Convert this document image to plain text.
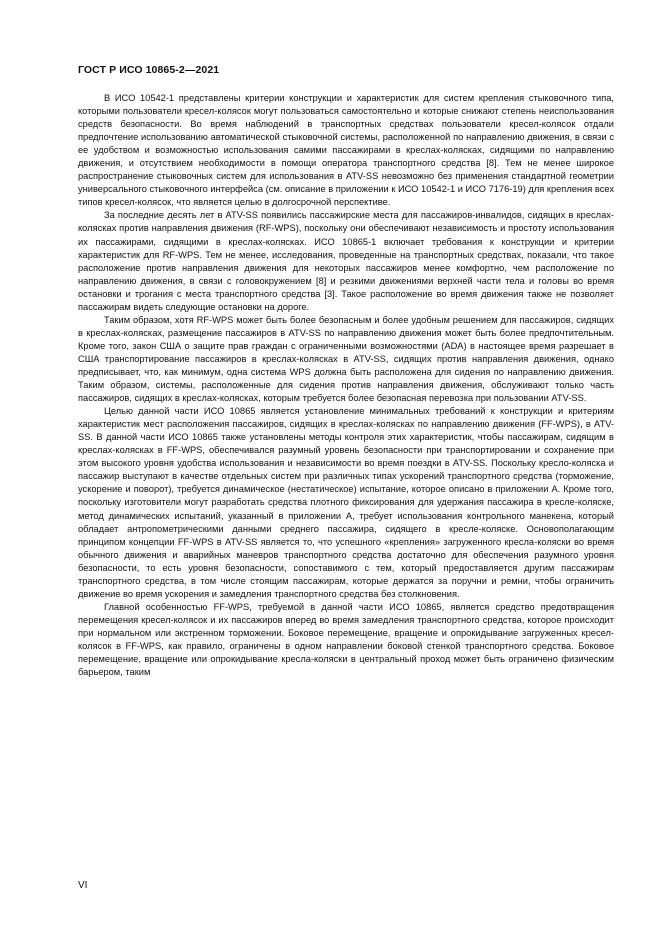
ГОСТ Р ИСО 10865-2—2021

В ИСО 10542-1 представлены критерии конструкции и характеристик для систем крепления стыковочного типа, которыми пользователи кресел-колясок могут пользоваться самостоятельно и которые снижают степень неиспользования средств безопасности. Во время наблюдений в транспортных средствах пользователи кресел-колясок отдали предпочтение использованию автоматической стыковочной системы, расположенной по направлению движения, в связи с ее удобством и возможностью использования самими пассажирами в креслах-колясках, сидящими по направлению движения, и отсутствием необходимости в помощи оператора транспортного средства [8]. Тем не менее широкое распространение стыковочных систем для использования в ATV-SS невозможно без применения стандартной геометрии универсального стыковочного интерфейса (см. описание в приложении к ИСО 10542-1 и ИСО 7176-19) для крепления всех типов кресел-колясок, что является целью в долгосрочной перспективе.

За последние десять лет в ATV-SS появились пассажирские места для пассажиров-инвалидов, сидящих в креслах-колясках против направления движения (RF-WPS), поскольку они обеспечивают независимость и простоту использования их пассажирами, сидящими в креслах-колясках. ИСО 10865-1 включает требования к конструкции и критерии характеристик для RF-WPS. Тем не менее, исследования, проведенные на транспортных средствах, показали, что такое расположение против направления движения для некоторых пассажиров менее комфортно, чем расположение по направлению движения, в связи с головокружением [8] и резкими движениями верхней части тела и головы во время остановки и трогания с места транспортного средства [3]. Такое расположение во время движения также не позволяет пассажирам видеть следующие остановки на дороге.

Таким образом, хотя RF-WPS может быть более безопасным и более удобным решением для пассажиров, сидящих в креслах-колясках, размещение пассажиров в ATV-SS по направлению движения может быть более предпочтительным. Кроме того, закон США о защите прав граждан с ограниченными возможностями (ADA) в настоящее время разрешает в США транспортирование пассажиров в креслах-колясках в ATV-SS, сидящих против направления движения, однако предписывает, что, как минимум, одна система WPS должна быть расположена для сидения по направлению движения. Таким образом, системы, расположенные для сидения против направления движения, обслуживают только часть пассажиров, сидящих в креслах-колясках, которым требуется более безопасная перевозка при пользовании ATV-SS.

Целью данной части ИСО 10865 является установление минимальных требований к конструкции и критериям характеристик мест расположения пассажиров, сидящих в креслах-колясках по направлению движения (FF-WPS), в ATV-SS. В данной части ИСО 10865 также установлены методы контроля этих характеристик, чтобы пассажирам, сидящим в креслах-колясках в FF-WPS, обеспечивался разумный уровень безопасности при транспортировании и сохранение при этом высокого уровня удобства использования и независимости во время поездки в ATV-SS. Поскольку кресло-коляска и пассажир выступают в качестве отдельных систем при различных типах ускорений транспортного средства (торможение, ускорение и поворот), требуется динамическое (нестатическое) испытание, которое описано в приложении А. Кроме того, поскольку изготовители могут разработать средства плотного фиксирования для удержания пассажира в кресле-коляске, метод динамических испытаний, указанный в приложении А, требует использования контрольного манекена, который обладает антропометрическими данными среднего пассажира, сидящего в кресле-коляске. Основополагающим принципом концепции FF-WPS в ATV-SS является то, что успешного «крепления» загруженного кресла-коляски во время обычного движения и аварийных маневров транспортного средства достаточно для обеспечения разумного уровня безопасности, то есть уровня безопасности, сопоставимого с тем, который предоставляется другим пассажирам транспортного средства, в том числе стоящим пассажирам, которые держатся за поручни и ремни, чтобы ограничить движение во время ускорения и замедления транспортного средства без столкновения.

Главной особенностью FF-WPS, требуемой в данной части ИСО 10865, является средство предотвращения перемещения кресел-колясок и их пассажиров вперед во время замедления транспортного средства, которое происходит при нормальном или экстренном торможении. Боковое перемещение, вращение и опрокидывание загруженных кресел-колясок в FF-WPS, как правило, ограничены в одном направлении боковой стенкой транспортного средства. Боковое перемещение, вращение или опрокидывание кресла-коляски в центральный проход может быть ограничено физическим барьером, таким

VI
